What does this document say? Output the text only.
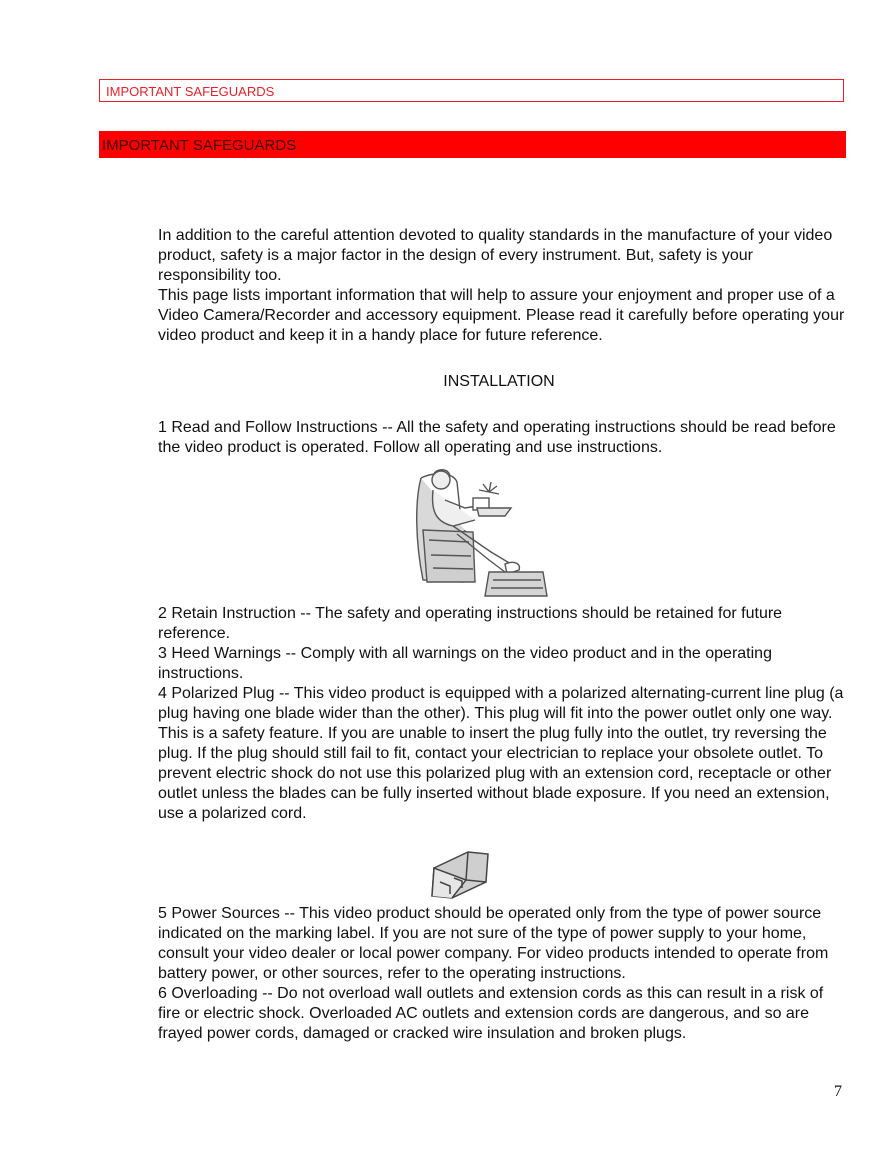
IMPORTANT SAFEGUARDS
IMPORTANT SAFEGUARDS

In addition to the careful attention devoted to quality standards in the manufacture of your video product, safety is a major factor in the design of every instrument. But, safety is your responsibility too.

This page lists important information that will help to assure your enjoyment and proper use of a Video Camera/Recorder and accessory equipment. Please read it carefully before operating your video product and keep it in a handy place for future reference.

INSTALLATION

1 Read and Follow Instructions -- All the safety and operating instructions should be read before the video product is operated. Follow all operating and use instructions.

2 Retain Instruction -- The safety and operating instructions should be retained for future reference.

3 Heed Warnings -- Comply with all warnings on the video product and in the operating instructions.

4 Polarized Plug -- This video product is equipped with a polarized alternating-current line plug (a plug having one blade wider than the other). This plug will fit into the power outlet only one way. This is a safety feature. If you are unable to insert the plug fully into the outlet, try reversing the plug. If the plug should still fail to fit, contact your electrician to replace your obsolete outlet. To prevent electric shock do not use this polarized plug with an extension cord, receptacle or other outlet unless the blades can be fully inserted without blade exposure. If you need an extension, use a polarized cord.

5 Power Sources -- This video product should be operated only from the type of power source indicated on the marking label. If you are not sure of the type of power supply to your home, consult your video dealer or local power company. For video products intended to operate from battery power, or other sources, refer to the operating instructions.

6 Overloading -- Do not overload wall outlets and extension cords as this can result in a risk of fire or electric shock. Overloaded AC outlets and extension cords are dangerous, and so are frayed power cords, damaged or cracked wire insulation and broken plugs.

7
